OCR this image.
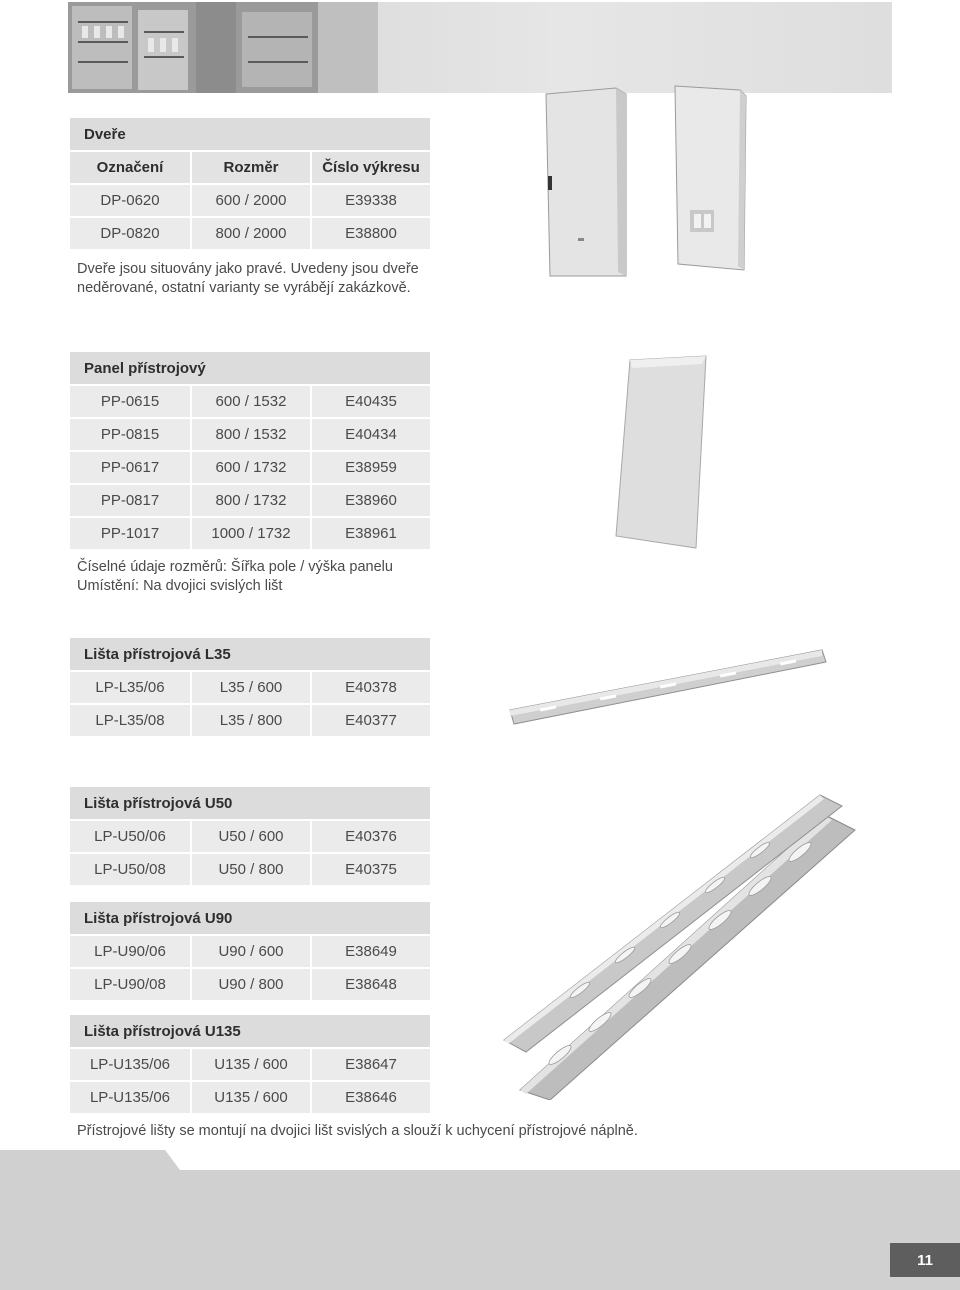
Dveře
Označení	Rozměr	Číslo výkresu
DP-0620	600 / 2000	E39338
DP-0820	800 / 2000	E38800
Dveře jsou situovány jako pravé. Uvedeny jsou dveře
neděrované, ostatní varianty se vyrábějí zakázkově.
Panel přístrojový
PP-0615	600 / 1532	E40435
PP-0815	800 / 1532	E40434
PP-0617	600 / 1732	E38959
PP-0817	800 / 1732	E38960
PP-1017	1000 / 1732	E38961
Číselné údaje rozměrů: Šířka pole / výška panelu
Umístění: Na dvojici svislých lišt
Lišta přístrojová L35
LP-L35/06	L35 / 600	E40378
LP-L35/08	L35 / 800	E40377
Lišta přístrojová U50
LP-U50/06	U50 / 600	E40376
LP-U50/08	U50 / 800	E40375
Lišta přístrojová U90
LP-U90/06	U90 / 600	E38649
LP-U90/08	U90 / 800	E38648
Lišta přístrojová U135
LP-U135/06	U135 / 600	E38647
LP-U135/06	U135 / 600	E38646
Přístrojové lišty se montují na dvojici lišt svislých a slouží k uchycení přístrojové náplně.
11
